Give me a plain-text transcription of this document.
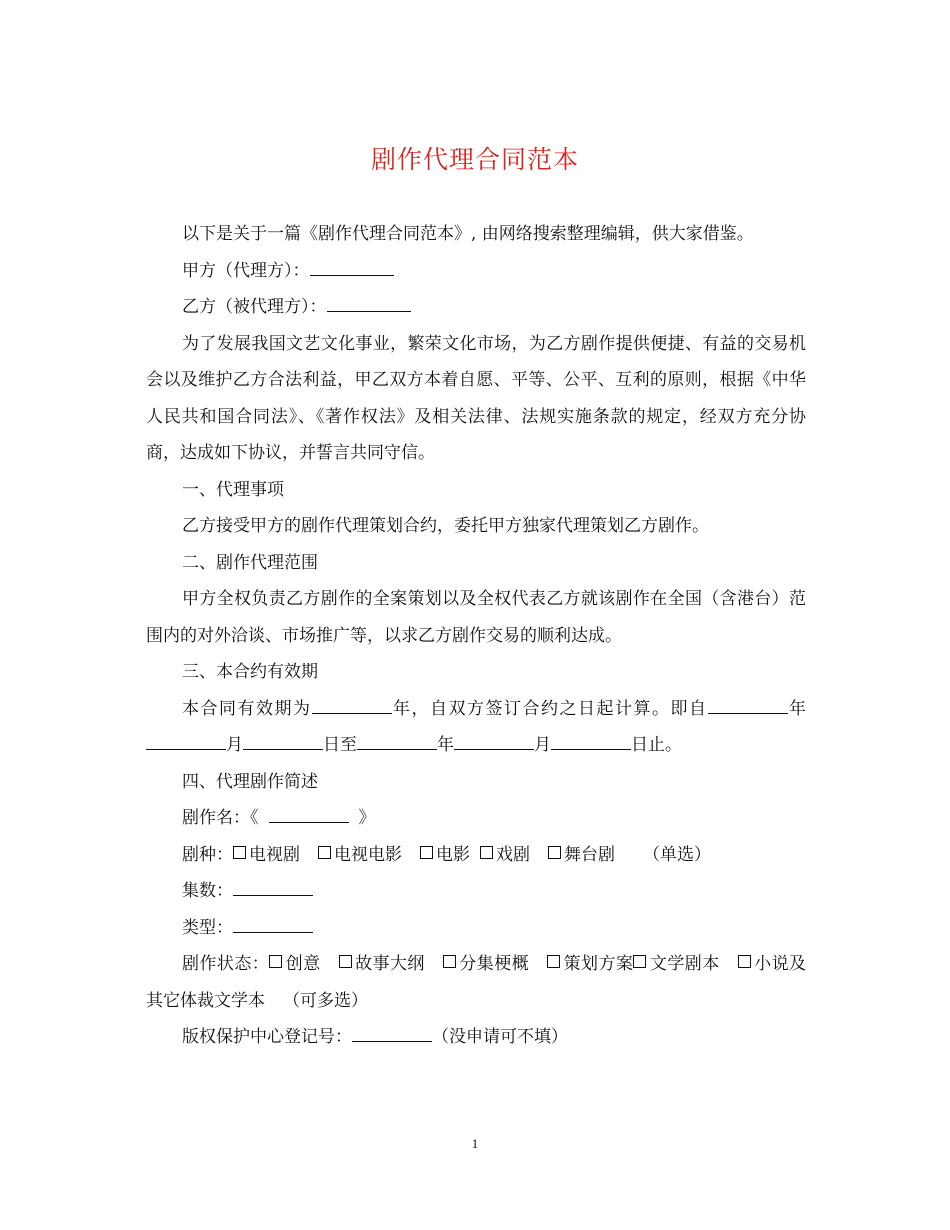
剧作代理合同范本

以下是关于一篇《剧作代理合同范本》, 由网络搜索整理编辑，供大家借鉴。

甲方（代理方）：

乙方（被代理方）：

为了发展我国文艺文化事业，繁荣文化市场，为乙方剧作提供便捷、有益的交易机会以及维护乙方合法利益，甲乙双方本着自愿、平等、公平、互利的原则，根据《中华人民共和国合同法》、《著作权法》及相关法律、法规实施条款的规定，经双方充分协商，达成如下协议，并誓言共同守信。

一、代理事项

乙方接受甲方的剧作代理策划合约，委托甲方独家代理策划乙方剧作。

二、剧作代理范围

甲方全权负责乙方剧作的全案策划以及全权代表乙方就该剧作在全国（含港台）范围内的对外洽谈、市场推广等，以求乙方剧作交易的顺利达成。

三、本合约有效期

本合同有效期为	年，自双方签订合约之日起计算。即自	年月	日至	年	月	日止。

四、代理剧作简述

剧作名：《	》

剧种： 电视剧 电视电影 电影 戏剧 舞台剧 （单选）

集数：

类型：

剧作状态： 创意 故事大纲 分集梗概 策划方案 文学剧本 小说及其它体裁文学本 （可多选）

版权保护中心登记号：	（没申请可不填）

1
